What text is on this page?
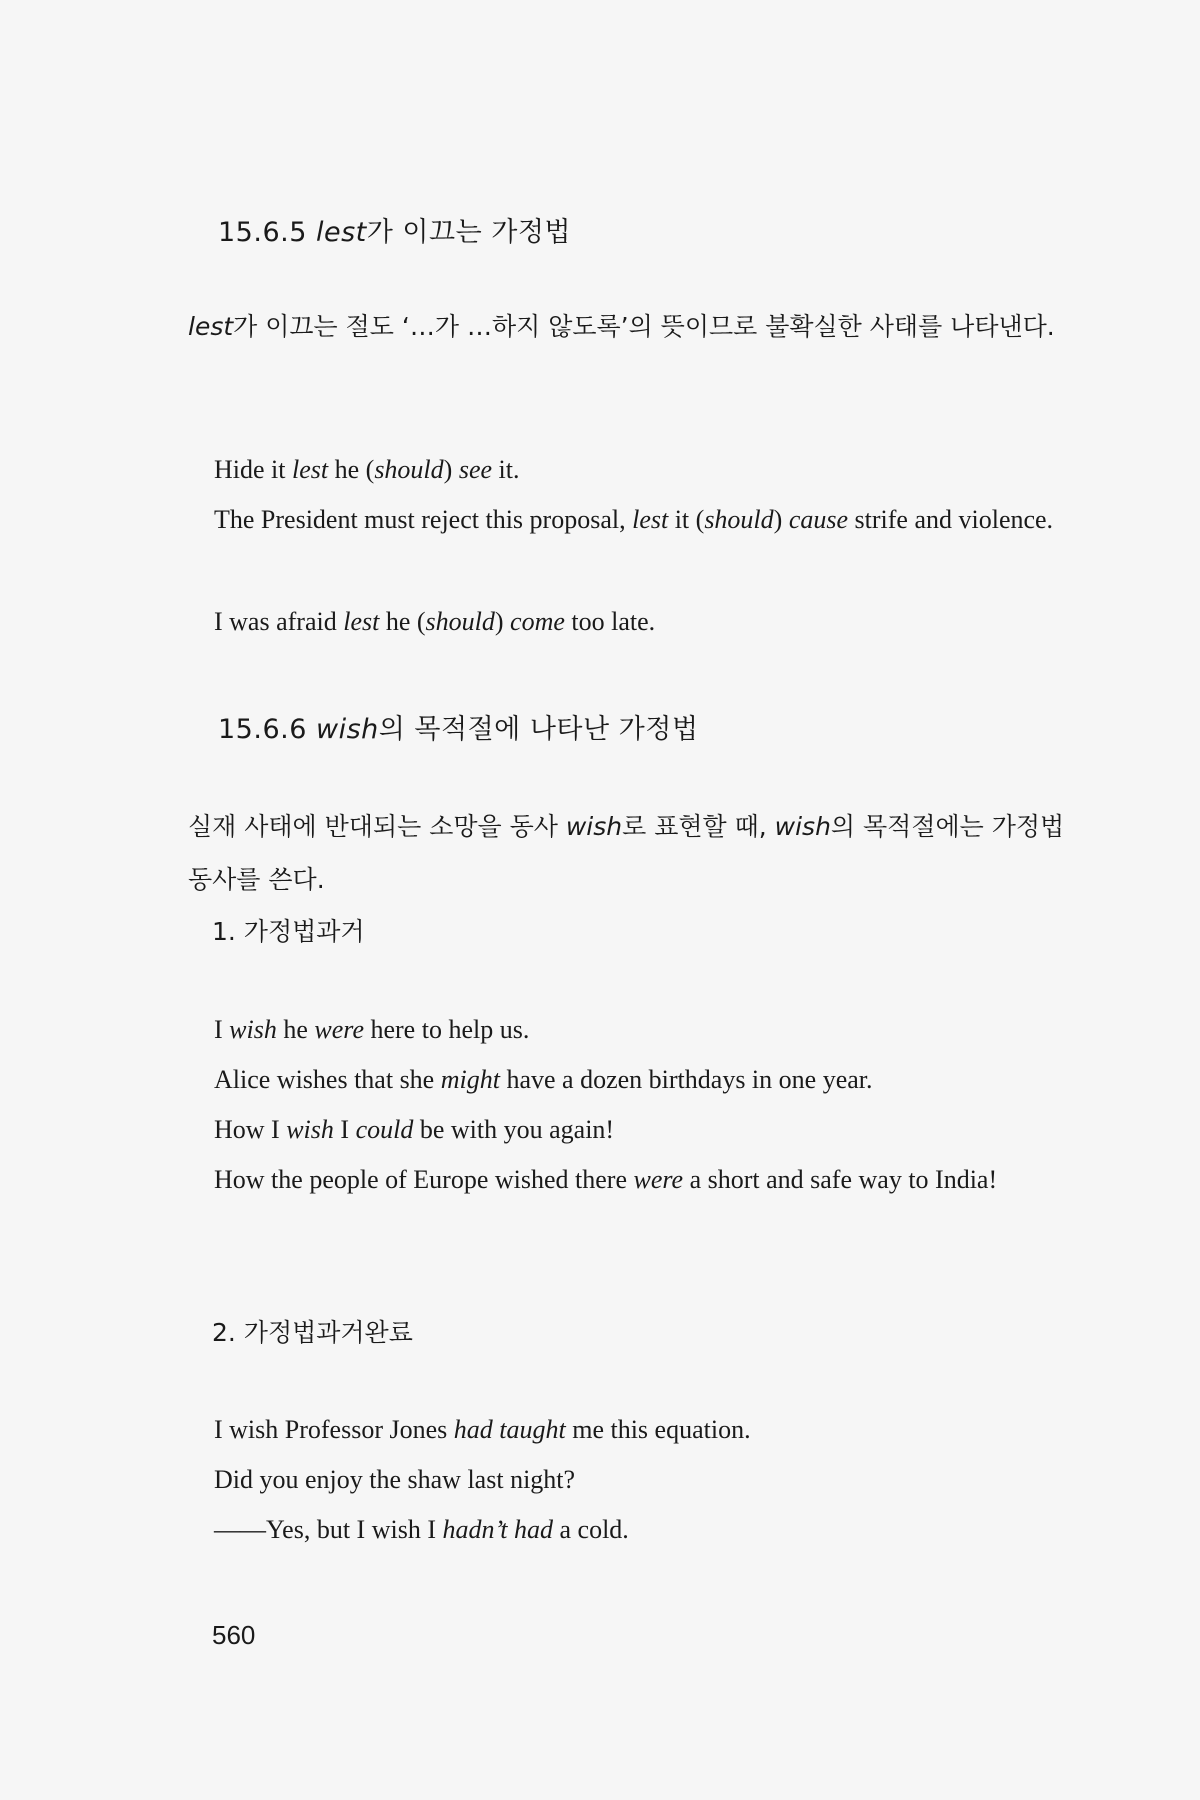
15.6.5 lest가 이끄는 가정법
lest가 이끄는 절도 ‘…가 …하지 않도록’의 뜻이므로 불확실한 사태를 나타낸다.
Hide it lest he (should) see it.
The President must reject this proposal, lest it (should) cause strife and violence.
I was afraid lest he (should) come too late.
15.6.6 wish의 목적절에 나타난 가정법
실재 사태에 반대되는 소망을 동사 wish로 표현할 때, wish의 목적절에는 가정법 동사를 쓴다.
1. 가정법과거
I wish he were here to help us.
Alice wishes that she might have a dozen birthdays in one year.
How I wish I could be with you again!
How the people of Europe wished there were a short and safe way to India!
2. 가정법과거완료
I wish Professor Jones had taught me this equation.
Did you enjoy the shaw last night?
——Yes, but I wish I hadn’t had a cold.
560
